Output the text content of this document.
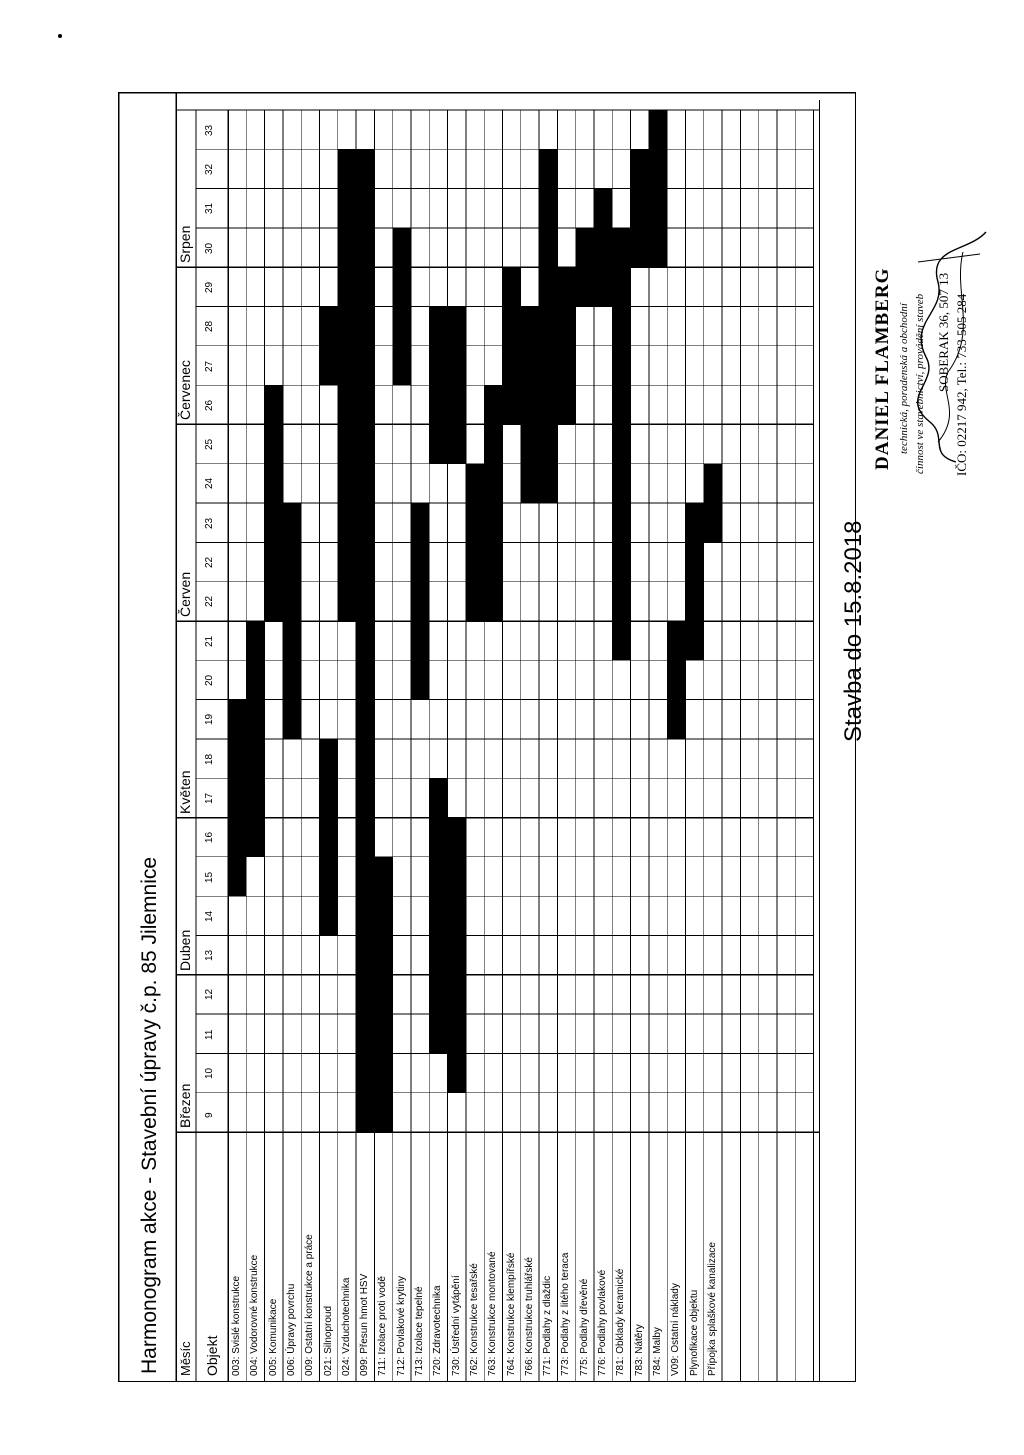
Březen
Duben
Květen
Červen
Červenec
Srpen
9
10
11
12
13
14
15
16
17
18
19
20
21
22
22
23
24
25
26
27
28
29
30
31
32
33
003: Svislé konstrukce 004: Vodorovné konstrukce 005: Komunikace 006: Úpravy povrchu 009: Ostatní konstrukce a práce 021: Silnoproud 024: Vzduchotechnika 099: Přesun hmot HSV 711: Izolace proti vodě 712: Povlakové krytiny 713: Izolace tepelné 720: Zdravotechnika 730: Ústřední vytápění 762: Konstrukce tesařské 763: Konstrukce montované 764: Konstrukce klempířské 766: Konstrukce truhlářské 771: Podlahy z dlaždic 773: Podlahy z litého teraca 775: Podlahy dřevěné 776: Podlahy povlakové 781: Obklady keramické 783: Nátěry 784: Malby V09: Ostatní náklady Plynofikace objektu Přípojka splaškové kanalizace
Harmonogram akce - Stavební úpravy č.p. 85 Jilemnice Měsíc Objekt
Stavba do 15.8.2018
DANIEL FLAMBERG technická, poradenská a obchodní činnost ve stavebnictví, provádění staveb SOBERAK 36, 507 13 IČO: 02217 942, Tel.: 733 505 284
